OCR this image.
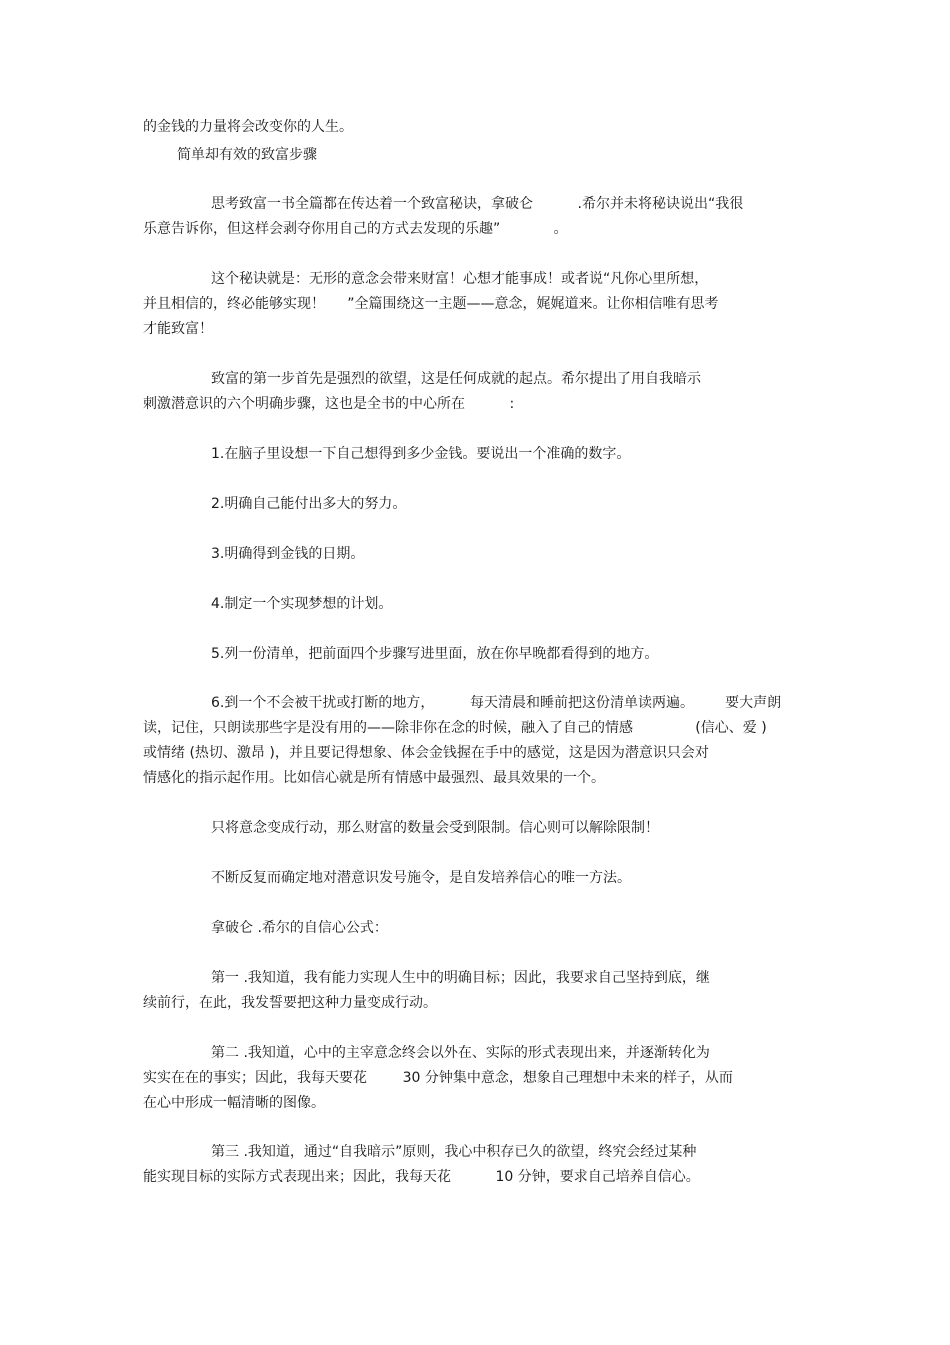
的金钱的力量将会改变你的人生。

简单却有效的致富步骤

思考致富一书全篇都在传达着一个致富秘诀，拿破仑          .希尔并未将秘诀说出“我很

乐意告诉你，但这样会剥夺你用自己的方式去发现的乐趣”            。

这个秘诀就是：无形的意念会带来财富！心想才能事成！或者说“凡你心里所想，

并且相信的，终必能够实现！     ”全篇围绕这一主题——意念，娓娓道来。让你相信唯有思考

才能致富！

致富的第一步首先是强烈的欲望，这是任何成就的起点。希尔提出了用自我暗示

刺激潜意识的六个明确步骤，这也是全书的中心所在          :

1.在脑子里设想一下自己想得到多少金钱。要说出一个准确的数字。

2.明确自己能付出多大的努力。

3.明确得到金钱的日期。

4.制定一个实现梦想的计划。

5.列一份清单，把前面四个步骤写进里面，放在你早晚都看得到的地方。

6.到一个不会被干扰或打断的地方，        每天清晨和睡前把这份清单读两遍。       要大声朗

读，记住，只朗读那些字是没有用的——除非你在念的时候，融入了自己的情感              (信心、爱 )

或情绪 (热切、激昂 )，并且要记得想象、体会金钱握在手中的感觉，这是因为潜意识只会对

情感化的指示起作用。比如信心就是所有情感中最强烈、最具效果的一个。

只将意念变成行动，那么财富的数量会受到限制。信心则可以解除限制！

不断反复而确定地对潜意识发号施令，是自发培养信心的唯一方法。

拿破仑 .希尔的自信心公式：

第一 .我知道，我有能力实现人生中的明确目标；因此，我要求自己坚持到底，继

续前行，在此，我发誓要把这种力量变成行动。

第二 .我知道，心中的主宰意念终会以外在、实际的形式表现出来，并逐渐转化为

实实在在的事实；因此，我每天要花        30 分钟集中意念，想象自己理想中未来的样子，从而

在心中形成一幅清晰的图像。

第三 .我知道，通过“自我暗示”原则，我心中积存已久的欲望，终究会经过某种

能实现目标的实际方式表现出来；因此，我每天花          10 分钟，要求自己培养自信心。
